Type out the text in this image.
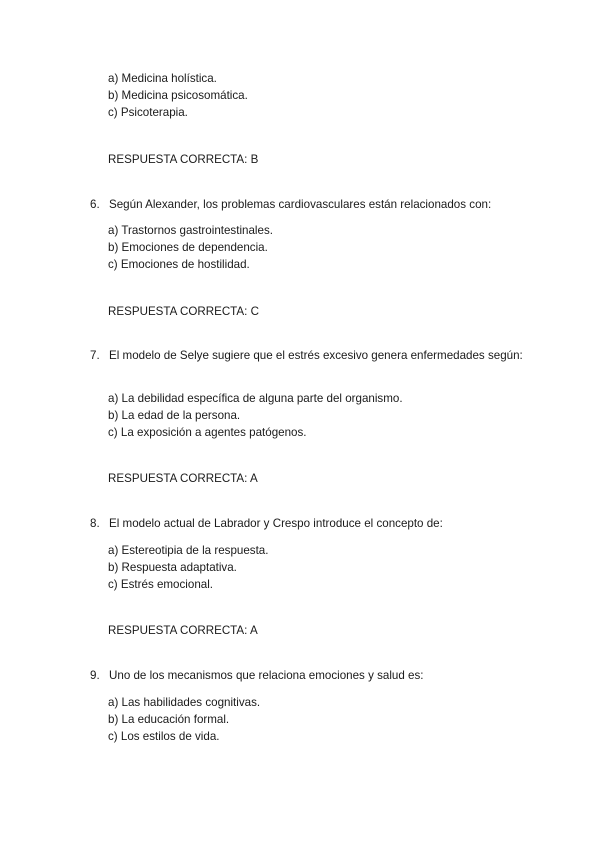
a) Medicina holística.
b) Medicina psicosomática.
c) Psicoterapia.
RESPUESTA CORRECTA: B
6. Según Alexander, los problemas cardiovasculares están relacionados con:
a) Trastornos gastrointestinales.
b) Emociones de dependencia.
c) Emociones de hostilidad.
RESPUESTA CORRECTA: C
7. El modelo de Selye sugiere que el estrés excesivo genera enfermedades según:
a) La debilidad específica de alguna parte del organismo.
b) La edad de la persona.
c) La exposición a agentes patógenos.
RESPUESTA CORRECTA: A
8. El modelo actual de Labrador y Crespo introduce el concepto de:
a) Estereotipia de la respuesta.
b) Respuesta adaptativa.
c) Estrés emocional.
RESPUESTA CORRECTA: A
9. Uno de los mecanismos que relaciona emociones y salud es:
a) Las habilidades cognitivas.
b) La educación formal.
c) Los estilos de vida.
